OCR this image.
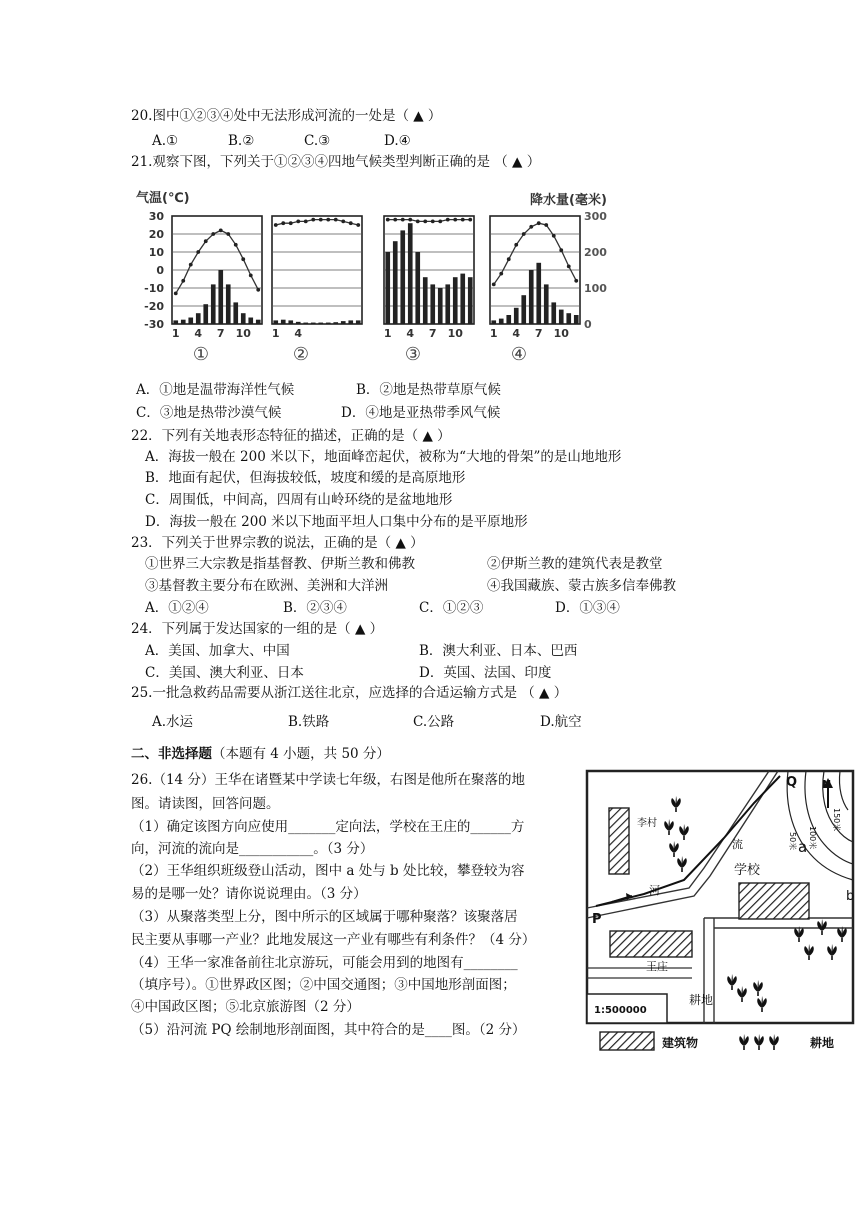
20.图中①②③④处中无法形成河流的一处是（ ▲ ）
A.①	B.②	C.③	D.④
21.观察下图，下列关于①②③④四地气候类型判断正确的是 （ ▲ ）
气温(℃)	降水量(毫米)
30
20
10
0
-10
-20
-30
300
200
100
0
1 4 7 10
①
1 4
②
1 4 7 10
③
1 4 7 10
④
A．①地是温带海洋性气候	B．②地是热带草原气候
C．③地是热带沙漠气候	D．④地是亚热带季风气候
22．下列有关地表形态特征的描述，正确的是（ ▲ ）
A．海拔一般在 200 米以下，地面峰峦起伏，被称为“大地的骨架”的是山地地形
B．地面有起伏，但海拔较低，坡度和缓的是高原地形
C．周围低，中间高，四周有山岭环绕的是盆地地形
D．海拔一般在 200 米以下地面平坦人口集中分布的是平原地形
23．下列关于世界宗教的说法，正确的是（ ▲ ）
①世界三大宗教是指基督教、伊斯兰教和佛教	②伊斯兰教的建筑代表是教堂
③基督教主要分布在欧洲、美洲和大洋洲	④我国藏族、蒙古族多信奉佛教
A．①②④	B．②③④	C．①②③	D．①③④
24．下列属于发达国家的一组的是（ ▲ ）
A．美国、加拿大、中国	B．澳大利亚、日本、巴西
C．美国、澳大利亚、日本	D．英国、法国、印度
25.一批急救药品需要从浙江送往北京，应选择的合适运输方式是 （ ▲ ）
A.水运	B.铁路	C.公路	D.航空
二、非选择题（本题有 4 小题，共 50 分）
26.（14 分）王华在诸暨某中学读七年级，右图是他所在聚落的地
图。请读图，回答问题。
（1）确定该图方向应使用_______定向法，学校在王庄的______方
向，河流的流向是___________。（3 分）
（2）王华组织班级登山活动，图中 a 处与 b 处比较，攀登较为容
易的是哪一处？请你说说理由。（3 分）
（3）从聚落类型上分，图中所示的区域属于哪种聚落？该聚落居
民主要从事哪一产业？此地发展这一产业有哪些有利条件？（4 分）
（4）王华一家准备前往北京游玩，可能会用到的地图有________
（填序号）。①世界政区图；②中国交通图；③中国地形剖面图；
④中国政区图；⑤北京旅游图（2 分）
（5）沿河流 PQ 绘制地形剖面图，其中符合的是____图。（2 分）
李村
学校
王庄
耕地
流
河
P
Q N
a
b
150米
100米
50米
1:500000
建筑物	耕地
